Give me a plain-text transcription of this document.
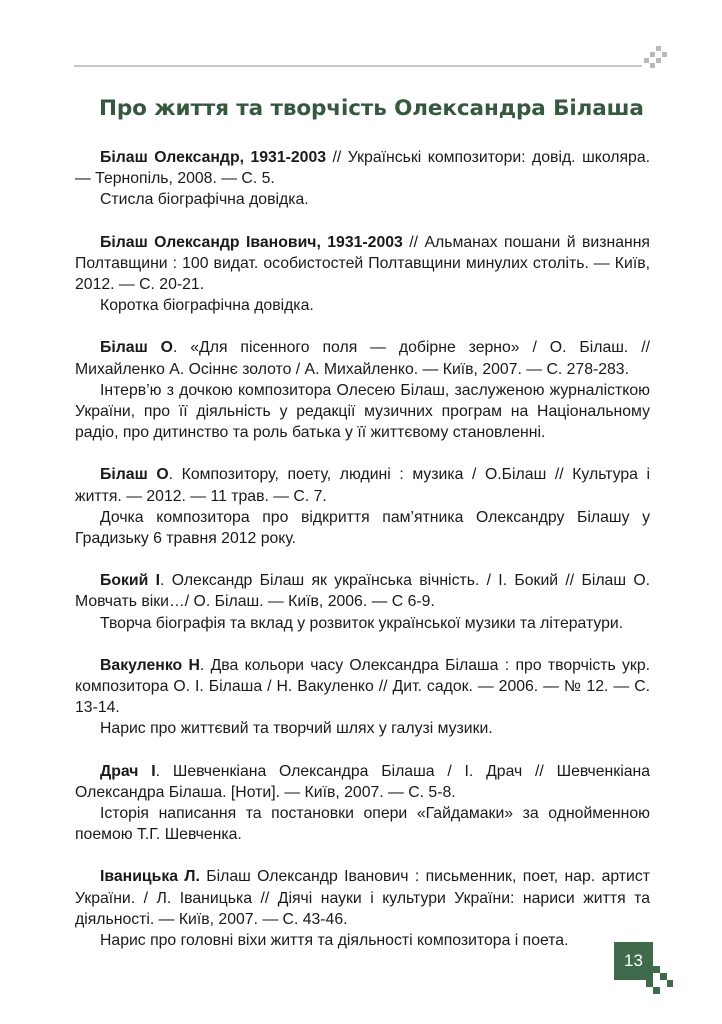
Про життя та творчість Олександра Білаша

Білаш Олександр, 1931-2003 // Українські композитори: довід. школяра. — Тернопіль, 2008. — С. 5.

Стисла біографічна довідка.

Білаш Олександр Іванович, 1931-2003 // Альманах пошани й визнання Полтавщини : 100 видат. особистостей Полтавщини минулих століть. — Київ, 2012. — С. 20-21.

Коротка біографічна довідка.

Білаш О. «Для пісенного поля — добірне зерно» / О. Білаш. // Михайленко А. Осіннє золото / А. Михайленко. — Київ, 2007. — С. 278-283.

Інтерв’ю з дочкою композитора Олесею Білаш, заслуженою журналісткою України, про її діяльність у редакції музичних програм на Національному радіо, про дитинство та роль батька у її життєвому становленні.

Білаш О. Композитору, поету, людині : музика / О.Білаш // Культура і життя. — 2012. — 11 трав. — С. 7.

Дочка композитора про відкриття пам’ятника Олександру Білашу у Градизьку 6 травня 2012 року.

Бокий І. Олександр Білаш як українська вічність. / І. Бокий // Білаш О. Мовчать віки…/ О. Білаш. — Київ, 2006. — С 6-9.

Творча біографія та вклад у розвиток української музики та літератури.

Вакуленко Н. Два кольори часу Олександра Білаша : про творчість укр. композитора О. І. Білаша / Н. Вакуленко // Дит. садок. — 2006. — № 12. — С. 13-14.

Нарис про життєвий та творчий шлях у галузі музики.

Драч І. Шевченкіана Олександра Білаша / І. Драч // Шевченкіана Олександра Білаша. [Ноти]. — Київ, 2007. — С. 5-8.

Історія написання та постановки опери «Гайдамаки» за однойменною поемою Т.Г. Шевченка.

Іваницька Л. Білаш Олександр Іванович : письменник, поет, нар. артист України. / Л. Іваницька // Діячі науки і культури України: нариси життя та діяльності. — Київ, 2007. — С. 43-46.

Нарис про головні віхи життя та діяльності композитора і поета.

13
